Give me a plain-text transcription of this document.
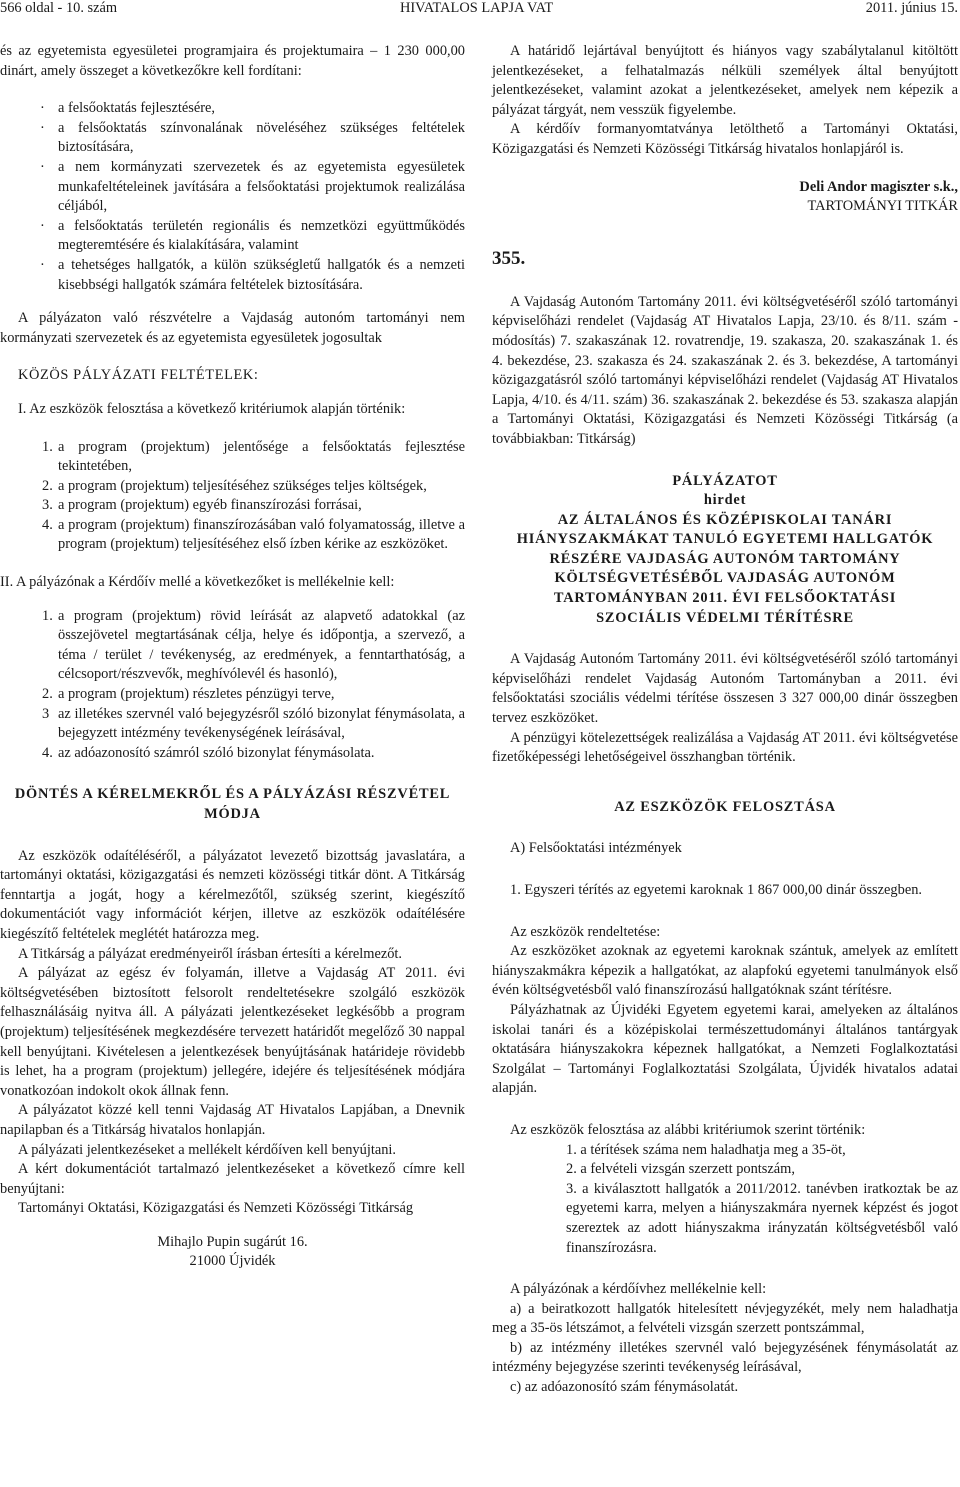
566 oldal - 10. szám	HIVATALOS LAPJA VAT	2011. június 15.

és az egyetemista egyesületei programjaira és projektumaira – 1 230 000,00 dinárt, amely összeget a következőkre kell fordítani:

· a felsőoktatás fejlesztésére,
· a felsőoktatás színvonalának növeléséhez szükséges feltételek biztosítására,
· a nem kormányzati szervezetek és az egyetemista egyesületek munkafeltételeinek javítására a felsőoktatási projektumok realizálása céljából,
· a felsőoktatás területén regionális és nemzetközi együttműködés megteremtésére és kialakítására, valamint
· a tehetséges hallgatók, a külön szükségletű hallgatók és a nemzeti kisebbségi hallgatók számára feltételek biztosítására.

A pályázaton való részvételre a Vajdaság autonóm tartományi nem kormányzati szervezetek és az egyetemista egyesületek jogosultak

KÖZÖS PÁLYÁZATI FELTÉTELEK:

I. Az eszközök felosztása a következő kritériumok alapján történik:

1. a program (projektum) jelentősége a felsőoktatás fejlesztése tekintetében,
2. a program (projektum) teljesítéséhez szükséges teljes költségek,
3. a program (projektum) egyéb finanszírozási forrásai,
4. a program (projektum) finanszírozásában való folyamatosság, illetve a program (projektum) teljesítéséhez első ízben kérike az eszközöket.

II. A pályázónak a Kérdőív mellé a következőket is mellékelnie kell:

1. a program (projektum) rövid leírását az alapvető adatokkal (az összejövetel megtartásának célja, helye és időpontja, a szervező, a téma / terület / tevékenység, az eredmények, a fenntarthatóság, a célcsoport/részvevők, meghívólevél és hasonló),
2. a program (projektum) részletes pénzügyi terve,
3 az illetékes szervnél való bejegyzésről szóló bizonylat fénymásolata, a bejegyzett intézmény tevékenységének leírásával,
4. az adóazonosító számról szóló bizonylat fénymásolata.

DÖNTÉS A KÉRELMEKRŐL ÉS A PÁLYÁZÁSI RÉSZVÉTEL MÓDJA

Az eszközök odaítéléséről, a pályázatot levezető bizottság javaslatára, a tartományi oktatási, közigazgatási és nemzeti közösségi titkár dönt. A Titkárság fenntartja a jogát, hogy a kérelmezőtől, szükség szerint, kiegészítő dokumentációt vagy információt kérjen, illetve az eszközök odaítélésére kiegészítő feltételek meglétét határozza meg.

A Titkárság a pályázat eredményeiről írásban értesíti a kérelmezőt.

A pályázat az egész év folyamán, illetve a Vajdaság AT 2011. évi költségvetésében biztosított felsorolt rendeltetésekre szolgáló eszközök felhasználásáig nyitva áll. A pályázati jelentkezéseket legkésőbb a program (projektum) teljesítésének megkezdésére tervezett határidőt megelőző 30 nappal kell benyújtani. Kivételesen a jelentkezések benyújtásának határideje rövidebb is lehet, ha a program (projektum) jellegére, idejére és teljesítésének módjára vonatkozóan indokolt okok állnak fenn.

A pályázatot közzé kell tenni Vajdaság AT Hivatalos Lapjában, a Dnevnik napilapban és a Titkárság hivatalos honlapján.

A pályázati jelentkezéseket a mellékelt kérdőíven kell benyújtani.

A kért dokumentációt tartalmazó jelentkezéseket a következő címre kell benyújtani:

Tartományi Oktatási, Közigazgatási és Nemzeti Közösségi Titkárság

Mihajlo Pupin sugárút 16.

21000 Újvidék

A határidő lejártával benyújtott és hiányos vagy szabálytalanul kitöltött jelentkezéseket, a felhatalmazás nélküli személyek által benyújtott jelentkezéseket, valamint azokat a jelentkezéseket, amelyek nem képezik a pályázat tárgyát, nem vesszük figyelembe.

A kérdőív formanyomtatványa letölthető a Tartományi Oktatási, Közigazgatási és Nemzeti Közösségi Titkárság hivatalos honlapjáról is.

Deli Andor magiszter s.k.,

TARTOMÁNYI TITKÁR

355.

A Vajdaság Autonóm Tartomány 2011. évi költségvetéséről szóló tartományi képviselőházi rendelet (Vajdaság AT Hivatalos Lapja, 23/10. és 8/11. szám - módosítás) 7. szakaszának 12. rovatrendje, 19. szakasza, 20. szakaszának 1. és 4. bekezdése, 23. szakasza és 24. szakaszának 2. és 3. bekezdése, A tartományi közigazgatásról szóló tartományi képviselőházi rendelet (Vajdaság AT Hivatalos Lapja, 4/10. és 4/11. szám) 36. szakaszának 2. bekezdése és 53. szakasza alapján a Tartományi Oktatási, Közigazgatási és Nemzeti Közösségi Titkárság (a továbbiakban: Titkárság)

PÁLYÁZATOT

hirdet

AZ ÁLTALÁNOS ÉS KÖZÉPISKOLAI TANÁRI

HIÁNYSZAKMÁKAT TANULÓ EGYETEMI HALLGATÓK

RÉSZÉRE VAJDASÁG AUTONÓM TARTOMÁNY

KÖLTSÉGVETÉSÉBŐL VAJDASÁG AUTONÓM

TARTOMÁNYBAN 2011. ÉVI FELSŐOKTATÁSI

SZOCIÁLIS VÉDELMI TÉRÍTÉSRE

A Vajdaság Autonóm Tartomány 2011. évi költségvetéséről szóló tartományi képviselőházi rendelet Vajdaság Autonóm Tartományban a 2011. évi felsőoktatási szociális védelmi térítése összesen 3 327 000,00 dinár összegben tervez eszközöket.

A pénzügyi kötelezettségek realizálása a Vajdaság AT 2011. évi költségvetése fizetőképességi lehetőségeivel összhangban történik.

AZ ESZKÖZÖK FELOSZTÁSA

A) Felsőoktatási intézmények

1. Egyszeri térítés az egyetemi karoknak 1 867 000,00 dinár összegben.

Az eszközök rendeltetése:

Az eszközöket azoknak az egyetemi karoknak szántuk, amelyek az említett hiányszakmákra képezik a hallgatókat, az alapfokú egyetemi tanulmányok első évén költségvetésből való finanszírozású hallgatóknak szánt térítésre.

Pályázhatnak az Újvidéki Egyetem egyetemi karai, amelyeken az általános iskolai tanári és a középiskolai természettudományi általános tantárgyak oktatására hiányszakokra képeznek hallgatókat, a Nemzeti Foglalkoztatási Szolgálat – Tartományi Foglalkoztatási Szolgálata, Újvidék hivatalos adatai alapján.

Az eszközök felosztása az alábbi kritériumok szerint történik:

1. a térítések száma nem haladhatja meg a 35-öt,

2. a felvételi vizsgán szerzett pontszám,

3. a kiválasztott hallgatók a 2011/2012. tanévben iratkoztak be az egyetemi karra, melyen a hiányszakmára nyernek képzést és jogot szereztek az adott hiányszakma irányzatán költségvetésből való finanszírozásra.

A pályázónak a kérdőívhez mellékelnie kell:

a) a beiratkozott hallgatók hitelesített névjegyzékét, mely nem haladhatja meg a 35-ös létszámot, a felvételi vizsgán szerzett pontszámmal,

b) az intézmény illetékes szervnél való bejegyzésének fénymásolatát az intézmény bejegyzése szerinti tevékenység leírásával,

c) az adóazonosító szám fénymásolatát.
